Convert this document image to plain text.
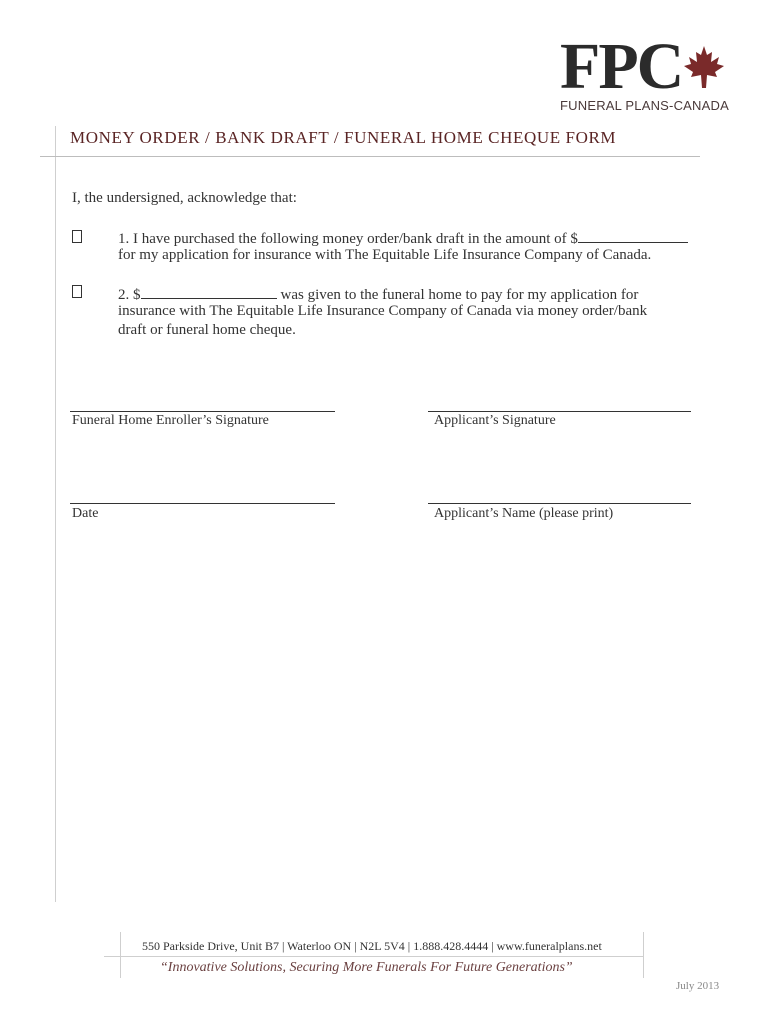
FPC
FUNERAL PLANS-CANADA
MONEY ORDER / BANK DRAFT / FUNERAL HOME CHEQUE FORM
I, the undersigned, acknowledge that:
1. I have purchased the following money order/bank draft in the amount of $
for my application for insurance with The Equitable Life Insurance Company of Canada.
2. $	was given to the funeral home to pay for my application for
insurance with The Equitable Life Insurance Company of Canada via money order/bank
draft or funeral home cheque.
Funeral Home Enroller’s Signature	Applicant’s Signature
Date	Applicant’s Name (please print)
550 Parkside Drive, Unit B7 | Waterloo ON | N2L 5V4 | 1.888.428.4444 | www.funeralplans.net
“Innovative Solutions, Securing More Funerals For Future Generations”
July 2013
